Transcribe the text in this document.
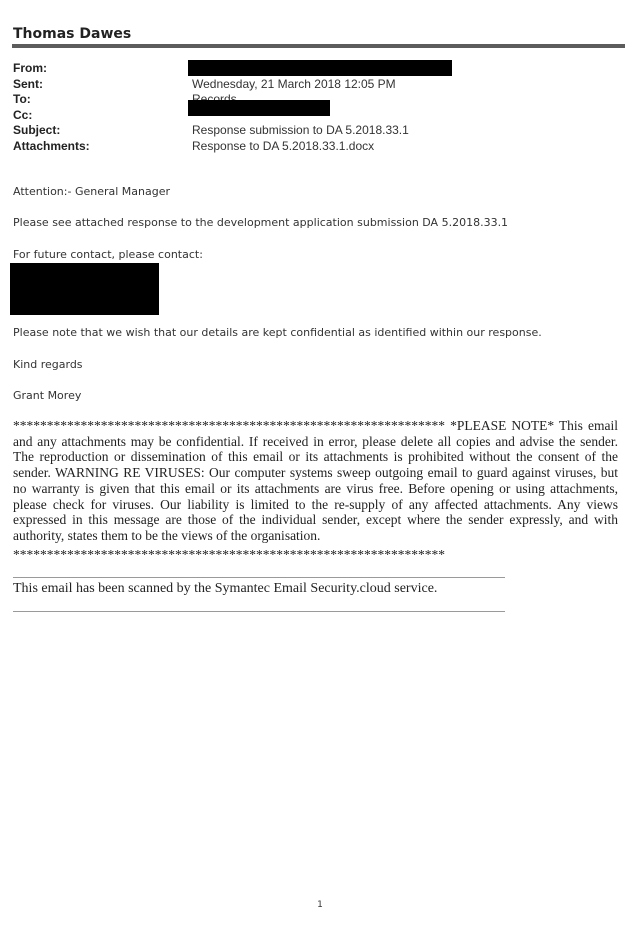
Thomas Dawes
From:
Sent:	Wednesday, 21 March 2018 12:05 PM
To:
Cc:
Subject:	Response submission to DA 5.2018.33.1
Attachments:	Response to DA 5.2018.33.1.docx
Attention:- General Manager
Please see attached response to the development application submission DA 5.2018.33.1
For future contact, please contact:
Please note that we wish that our details are kept confidential as identified within our response.
Kind regards
Grant Morey
**************************************************************** *PLEASE NOTE* This email and any attachments may be confidential. If received in error, please delete all copies and advise the sender. The reproduction or dissemination of this email or its attachments is prohibited without the consent of the sender. WARNING RE VIRUSES: Our computer systems sweep outgoing email to guard against viruses, but no warranty is given that this email or its attachments are virus free. Before opening or using attachments, please check for viruses. Our liability is limited to the re-supply of any affected attachments. Any views expressed in this message are those of the individual sender, except where the sender expressly, and with authority, states them to be the views of the organisation.
****************************************************************
This email has been scanned by the Symantec Email Security.cloud service.
1
